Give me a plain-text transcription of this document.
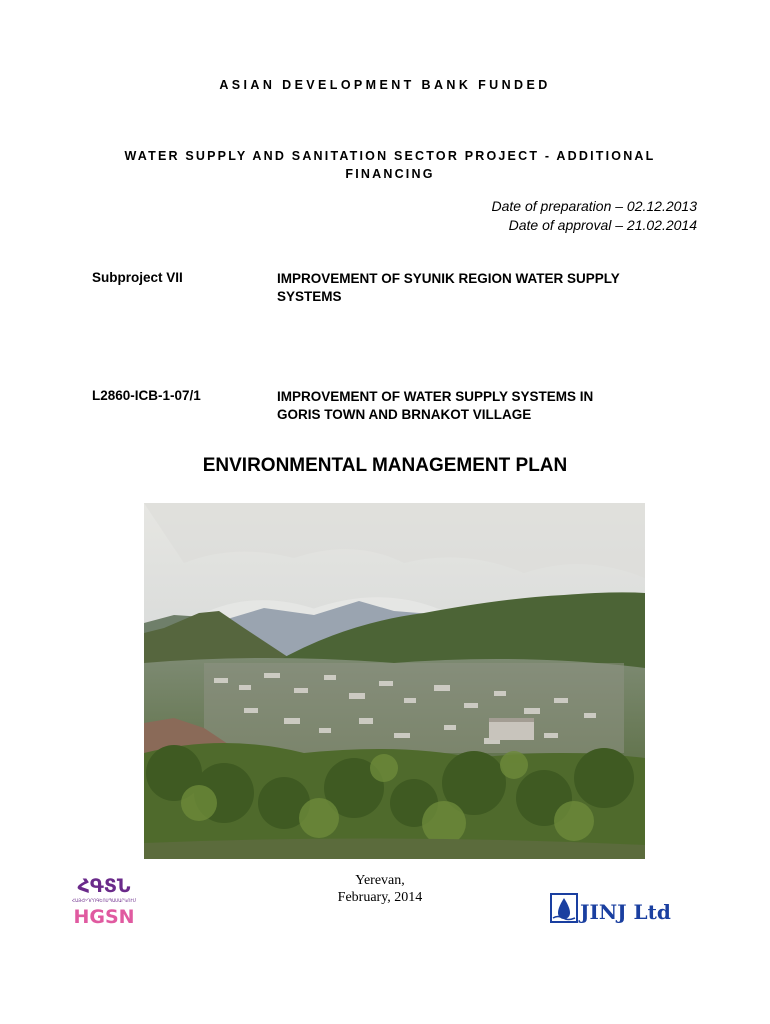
ASIAN DEVELOPMENT BANK FUNDED
WATER SUPPLY AND SANITATION SECTOR PROJECT - ADDITIONAL
FINANCING
Date of preparation – 02.12.2013
Date of approval – 21.02.2014
Subproject VII	IMPROVEMENT OF SYUNIK REGION WATER SUPPLY
SYSTEMS
L2860-ICB-1-07/1	IMPROVEMENT OF WATER SUPPLY SYSTEMS IN
GORIS TOWN AND BRNAKOT VILLAGE
ENVIRONMENTAL MANAGEMENT PLAN
Yerevan,
February, 2014
ՀԳՏՆ
ՀԱՅՀԻԴՐՈԳԵՈՍՊԱՍԱՐԿՈՒՄ
HGSN	JINJ Ltd
